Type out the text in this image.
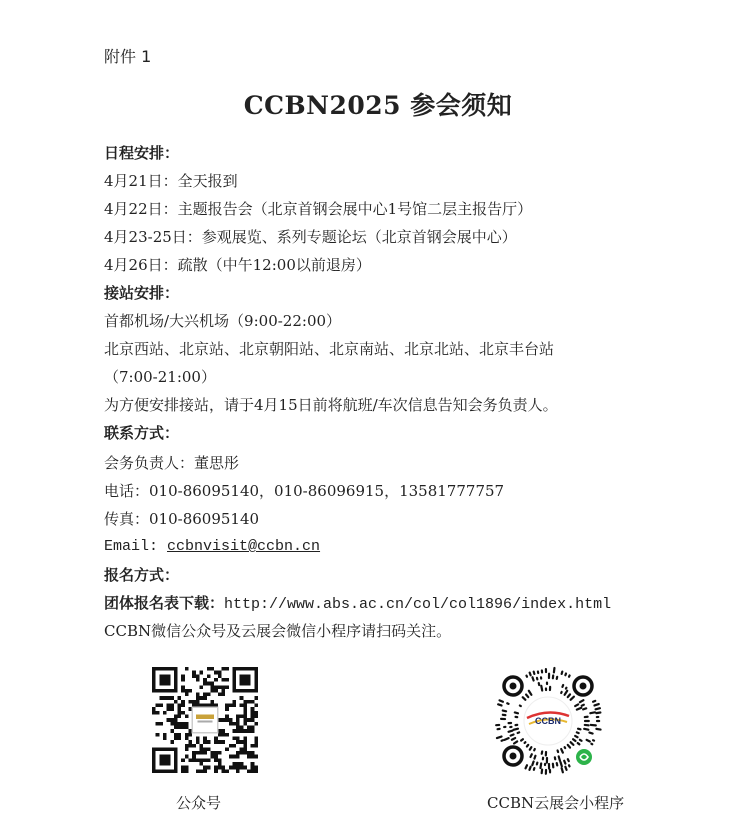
附件 1
CCBN2025 参会须知
日程安排：
4月21日：全天报到
4月22日：主题报告会（北京首钢会展中心1号馆二层主报告厅）
4月23-25日：参观展览、系列专题论坛（北京首钢会展中心）
4月26日：疏散（中午12:00以前退房）
接站安排：
首都机场/大兴机场（9:00-22:00）
北京西站、北京站、北京朝阳站、北京南站、北京北站、北京丰台站
（7:00-21:00）
为方便安排接站，请于4月15日前将航班/车次信息告知会务负责人。
联系方式：
会务负责人：董思彤
电话：010-86095140，010-86096915，13581777757
传真：010-86095140
Email: ccbnvisit@ccbn.cn
报名方式：
团体报名表下载：http://www.abs.ac.cn/col/col1896/index.html
CCBN微信公众号及云展会微信小程序请扫码关注。
CCBN
公众号	CCBN云展会小程序
